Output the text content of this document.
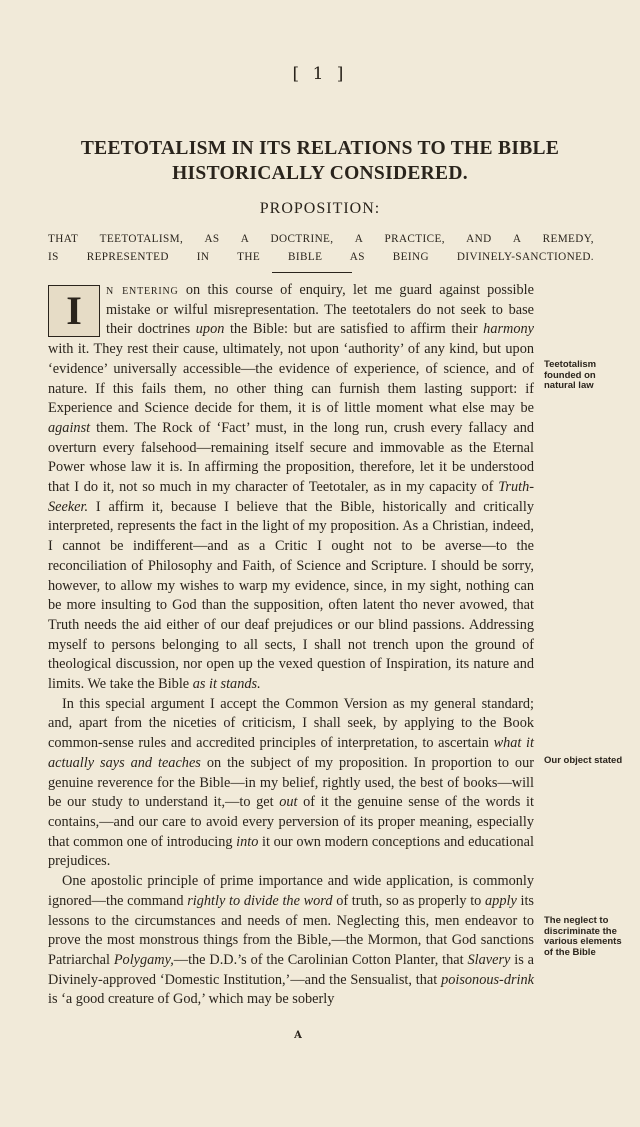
[ 1 ]
TEETOTALISM IN ITS RELATIONS TO THE BIBLE
HISTORICALLY CONSIDERED.
PROPOSITION:
THAT TEETOTALISM, AS A DOCTRINE, A PRACTICE, AND A REMEDY,
IS REPRESENTED IN THE BIBLE AS BEING DIVINELY-SANCTIONED.

I	n entering on this course of enquiry, let me guard against possible mistake or wilful misrepresentation. The teetotalers do not seek to base their doctrines upon the Bible: but are satisfied to affirm their harmony with it. They rest their cause, ultimately, not upon ‘authority’ of any kind, but upon ‘evidence’ universally accessible—the evidence of experience, of science, and of nature. If this fails them, no other thing can furnish them lasting support: if Experience and Science decide for them, it is of little moment what else may be against them. The Rock of ‘Fact’ must, in the long run, crush every fallacy and overturn every falsehood—remaining itself secure and immovable as the Eternal Power whose law it is. In affirming the proposition, therefore, let it be understood that I do it, not so much in my character of Teetotaler, as in my capacity of Truth-Seeker. I affirm it, because I believe that the Bible, historically and critically interpreted, represents the fact in the light of my proposition. As a Christian, indeed, I cannot be indifferent—and as a Critic I ought not to be averse—to the reconciliation of Philosophy and Faith, of Science and Scripture. I should be sorry, however, to allow my wishes to warp my evidence, since, in my sight, nothing can be more insulting to God than the supposition, often latent tho never avowed, that Truth needs the aid either of our deaf prejudices or our blind passions. Addressing myself to persons belonging to all sects, I shall not trench upon the ground of theological discussion, nor open up the vexed question of Inspiration, its nature and limits. We take the Bible as it stands.

In this special argument I accept the Common Version as my general standard; and, apart from the niceties of criticism, I shall seek, by applying to the Book common-sense rules and accredited principles of interpretation, to ascertain what it actually says and teaches on the subject of my proposition. In proportion to our genuine reverence for the Bible—in my belief, rightly used, the best of books—will be our study to understand it,—to get out of it the genuine sense of the words it contains,—and our care to avoid every perversion of its proper meaning, especially that common one of introducing into it our own modern conceptions and educational prejudices.

One apostolic principle of prime importance and wide application, is commonly ignored—the command rightly to divide the word of truth, so as properly to apply its lessons to the circumstances and needs of men. Neglecting this, men endeavor to prove the most monstrous things from the Bible,—the Mormon, that God sanctions Patriarchal Polygamy,—the D.D.’s of the Carolinian Cotton Planter, that Slavery is a Divinely-approved ‘Domestic Institution,’—and the Sensualist, that poisonous-drink is ‘a good creature of God,’ which may be soberly

Teetotalism founded on natural law
Our object stated
The neglect to discriminate the various elements of the Bible
A
